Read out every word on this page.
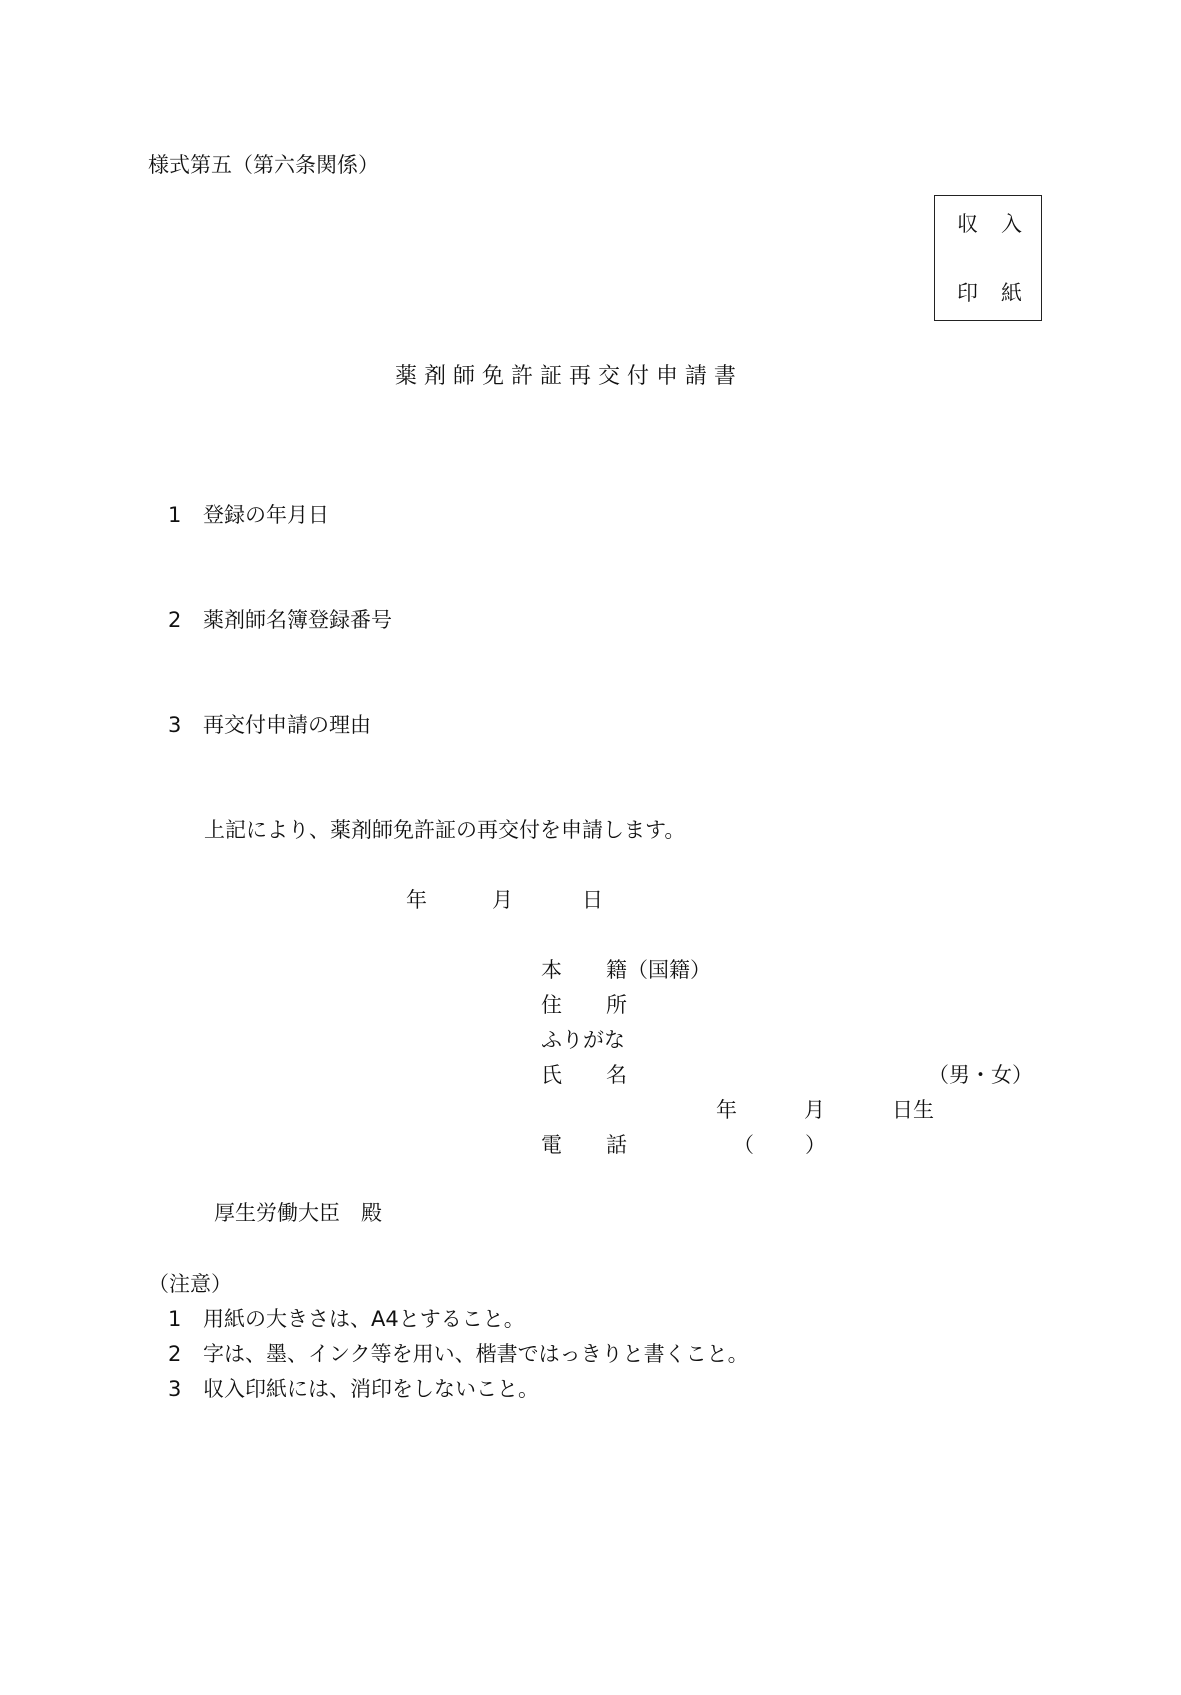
様式第五（第六条関係）
収 入
印 紙
薬 剤 師 免 許 証 再 交 付 申 請 書
1 登録の年月日
2 薬剤師名簿登録番号
3 再交付申請の理由
上記により、薬剤師免許証の再交付を申請します。
年	月	日
本 籍（国籍）
住 所
ふりがな
氏 名	（男・女）
年	月	日生
電 話	（ ）
厚生労働大臣　殿
（注意）
1 用紙の大きさは、A4とすること。
2 字は、墨、インク等を用い、楷書ではっきりと書くこと。
3 収入印紙には、消印をしないこと。
